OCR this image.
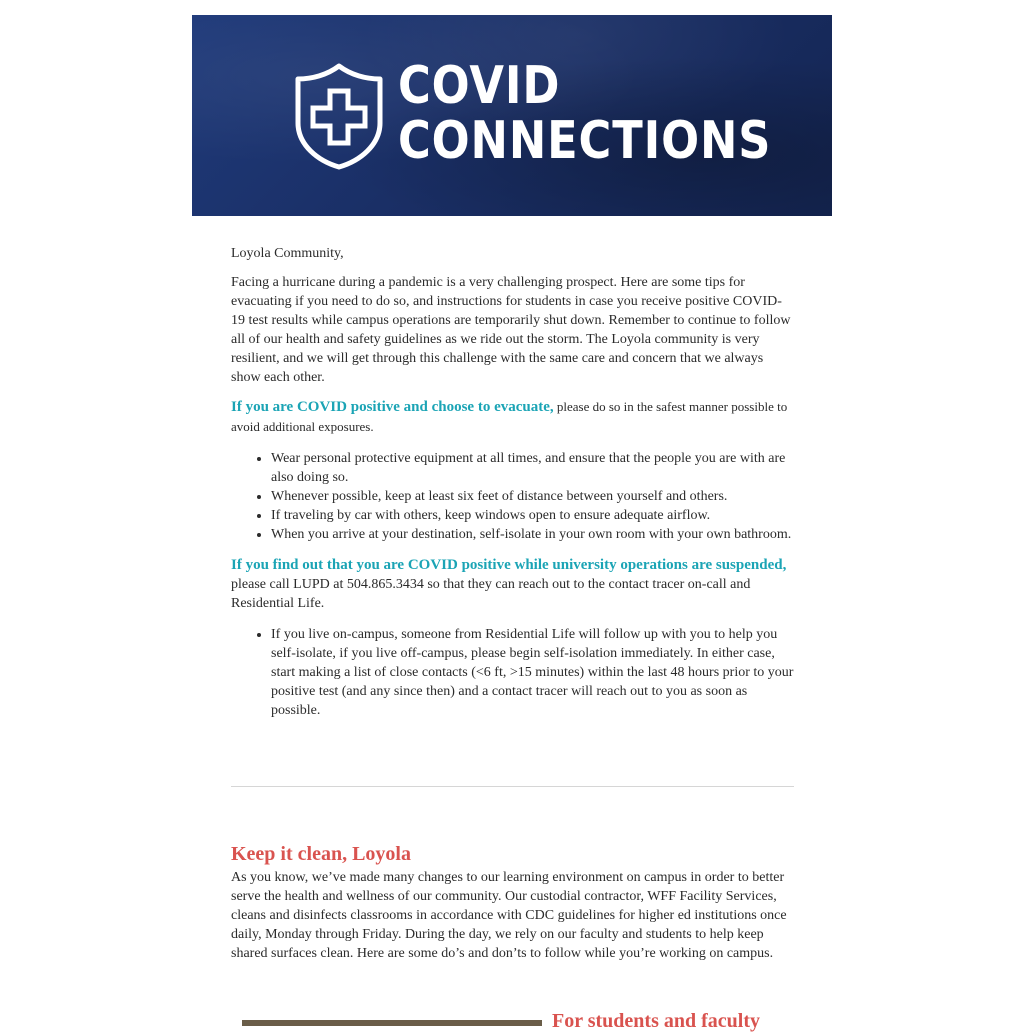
COVID
CONNECTIONS

Loyola Community,

Facing a hurricane during a pandemic is a very challenging prospect. Here are some tips for evacuating if you need to do so, and instructions for students in case you receive positive COVID-19 test results while campus operations are temporarily shut down. Remember to continue to follow all of our health and safety guidelines as we ride out the storm. The Loyola community is very resilient, and we will get through this challenge with the same care and concern that we always show each other.

If you are COVID positive and choose to evacuate, please do so in the safest manner possible to avoid additional exposures.

• Wear personal protective equipment at all times, and ensure that the people you are with are also doing so.
• Whenever possible, keep at least six feet of distance between yourself and others.
• If traveling by car with others, keep windows open to ensure adequate airflow.
• When you arrive at your destination, self-isolate in your own room with your own bathroom.

If you find out that you are COVID positive while university operations are suspended, please call LUPD at 504.865.3434 so that they can reach out to the contact tracer on-call and Residential Life.

• If you live on-campus, someone from Residential Life will follow up with you to help you self-isolate, if you live off-campus, please begin self-isolation immediately. In either case, start making a list of close contacts (<6 ft, >15 minutes) within the last 48 hours prior to your positive test (and any since then) and a contact tracer will reach out to you as soon as possible.
Keep it clean, Loyola

As you know, we’ve made many changes to our learning environment on campus in order to better serve the health and wellness of our community. Our custodial contractor, WFF Facility Services, cleans and disinfects classrooms in accordance with CDC guidelines for higher ed institutions once daily, Monday through Friday. During the day, we rely on our faculty and students to help keep shared surfaces clean. Here are some do’s and don’ts to follow while you’re working on campus.

For students and faculty
